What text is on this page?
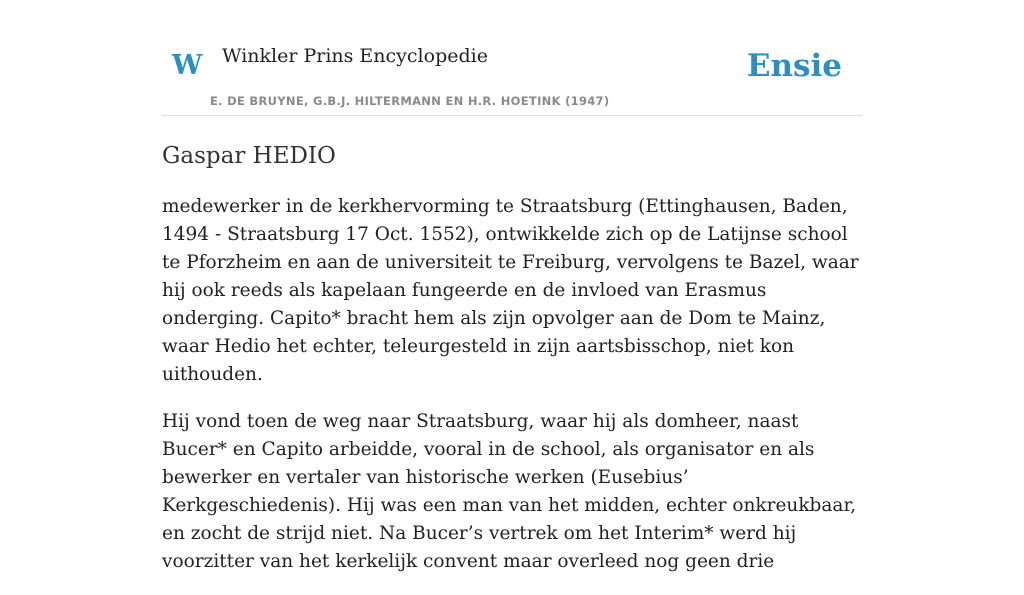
W Winkler Prins Encyclopedie
E. DE BRUYNE, G.B.J. HILTERMANN EN H.R. HOETINK (1947)
Ensie
Gaspar HEDIO

medewerker in de kerkhervorming te Straatsburg (Ettinghausen, Baden, 1494 - Straatsburg 17 Oct. 1552), ontwikkelde zich op de Latijnse school te Pforzheim en aan de universiteit te Freiburg, vervolgens te Bazel, waar hij ook reeds als kapelaan fungeerde en de invloed van Erasmus onderging. Capito* bracht hem als zijn opvolger aan de Dom te Mainz, waar Hedio het echter, teleurgesteld in zijn aartsbisschop, niet kon uithouden.

Hij vond toen de weg naar Straatsburg, waar hij als domheer, naast Bucer* en Capito arbeidde, vooral in de school, als organisator en als bewerker en vertaler van historische werken (Eusebius’ Kerkgeschiedenis). Hij was een man van het midden, echter onkreukbaar, en zocht de strijd niet. Na Bucer’s vertrek om het Interim* werd hij voorzitter van het kerkelijk convent maar overleed nog geen drie
